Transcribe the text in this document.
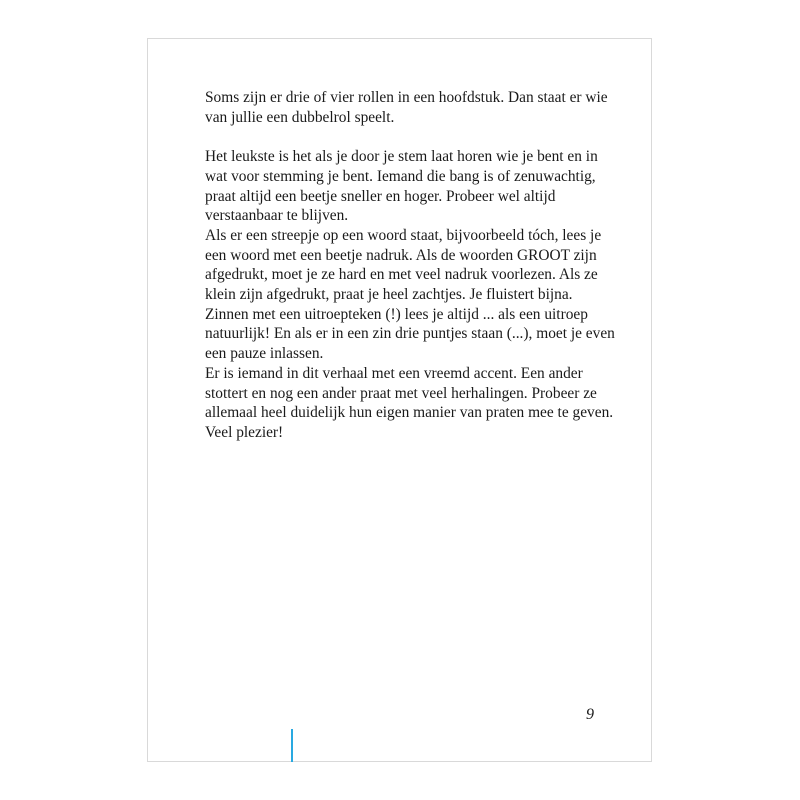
Soms zijn er drie of vier rollen in een hoofdstuk. Dan staat er wie
van jullie een dubbelrol speelt.
Het leukste is het als je door je stem laat horen wie je bent en in
wat voor stemming je bent. Iemand die bang is of zenuwachtig,
praat altijd een beetje sneller en hoger. Probeer wel altijd
verstaanbaar te blijven.
Als er een streepje op een woord staat, bijvoorbeeld tóch, lees je
een woord met een beetje nadruk. Als de woorden GROOT zijn
afgedrukt, moet je ze hard en met veel nadruk voorlezen. Als ze
klein zijn afgedrukt, praat je heel zachtjes. Je fluistert bijna.
Zinnen met een uitroepteken (!) lees je altijd ... als een uitroep
natuurlijk! En als er in een zin drie puntjes staan (...), moet je even
een pauze inlassen.
Er is iemand in dit verhaal met een vreemd accent. Een ander
stottert en nog een ander praat met veel herhalingen. Probeer ze
allemaal heel duidelijk hun eigen manier van praten mee te geven.
Veel plezier!
9
